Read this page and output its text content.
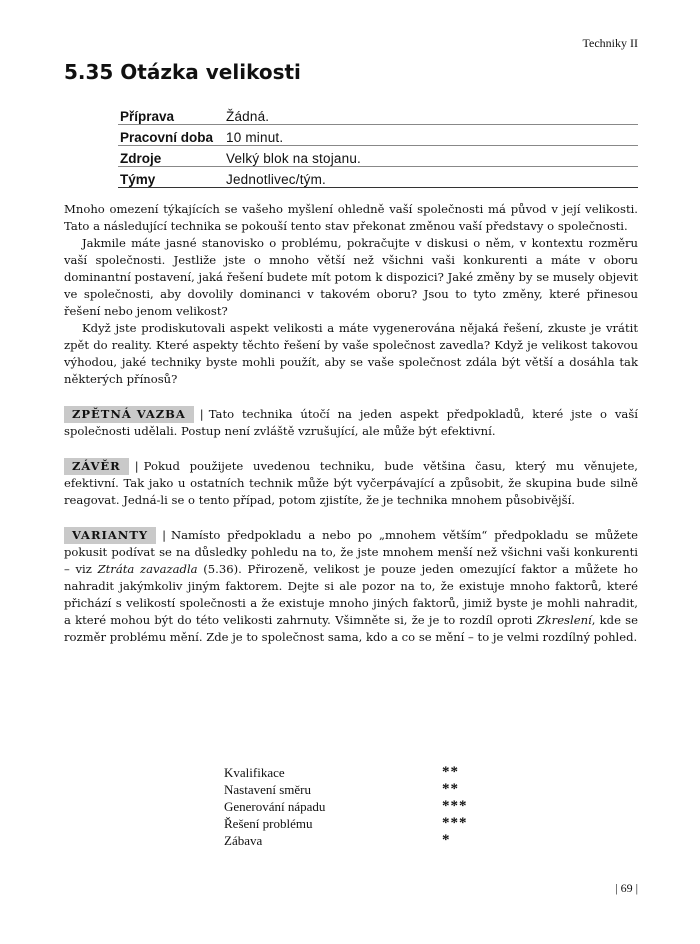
Techniky II
5.35 Otázka velikosti
Příprava	Žádná.
Pracovní doba	10 minut.
Zdroje	Velký blok na stojanu.
Týmy	Jednotlivec/tým.

Mnoho omezení týkajících se vašeho myšlení ohledně vaší společnosti má původ v její velikosti. Tato a následující technika se pokouší tento stav překonat změnou vaší představy o společnosti.

Jakmile máte jasné stanovisko o problému, pokračujte v diskusi o něm, v kontextu rozměru vaší společnosti. Jestliže jste o mnoho větší než všichni vaši konkurenti a máte v oboru dominantní postavení, jaká řešení budete mít potom k dispozici? Jaké změny by se musely objevit ve společnosti, aby dovolily dominanci v takovém oboru? Jsou to tyto změny, které přinesou řešení nebo jenom velikost?

Když jste prodiskutovali aspekt velikosti a máte vygenerována nějaká řešení, zkuste je vrátit zpět do reality. Které aspekty těchto řešení by vaše společnost zavedla? Když je velikost takovou výhodou, jaké techniky byste mohli použít, aby se vaše společnost zdála být větší a dosáhla tak některých přínosů?

ZPĚTNÁ VAZBA | Tato technika útočí na jeden aspekt předpokladů, které jste o vaší společnosti udělali. Postup není zvláště vzrušující, ale může být efektivní.

ZÁVĚR | Pokud použijete uvedenou techniku, bude většina času, který mu věnujete, efektivní. Tak jako u ostatních technik může být vyčerpávající a způsobit, že skupina bude silně reagovat. Jedná-li se o tento případ, potom zjistíte, že je technika mnohem působivější.

VARIANTY | Namísto předpokladu a nebo po „mnohem větším“ předpokladu se můžete pokusit podívat se na důsledky pohledu na to, že jste mnohem menší než všichni vaši konkurenti – viz Ztráta zavazadla (5.36). Přirozeně, velikost je pouze jeden omezující faktor a můžete ho nahradit jakýmkoliv jiným faktorem. Dejte si ale pozor na to, že existuje mnoho faktorů, které přichází s velikostí společnosti a že existuje mnoho jiných faktorů, jimiž byste je mohli nahradit, a které mohou být do této velikosti zahrnuty. Všimněte si, že je to rozdíl oproti Zkreslení, kde se rozměr problému mění. Zde je to společnost sama, kdo a co se mění – to je velmi rozdílný pohled.

Kvalifikace	**
Nastavení směru	**
Generování nápadu	***
Řešení problému	***
Zábava	*
| 69 |
